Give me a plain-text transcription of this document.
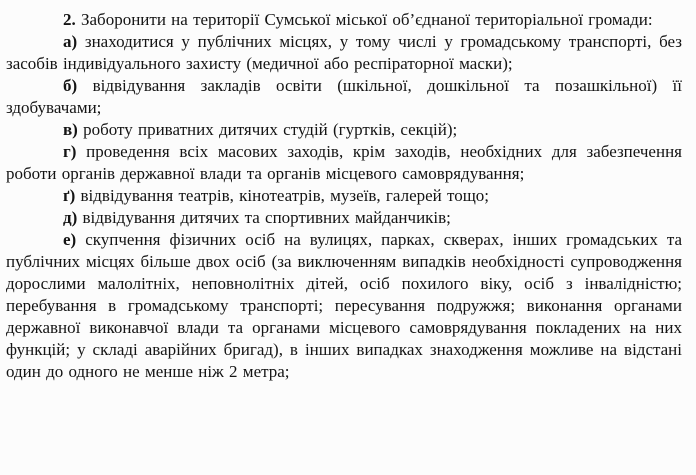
2. Заборонити на території Сумської міської об’єднаної територіальної громади:

а) знаходитися у публічних місцях, у тому числі у громадському транспорті, без засобів індивідуального захисту (медичної або респіраторної маски);

б) відвідування закладів освіти (шкільної, дошкільної та позашкільної) її здобувачами;

в) роботу приватних дитячих студій (гуртків, секцій);

г) проведення всіх масових заходів, крім заходів, необхідних для забезпечення роботи органів державної влади та органів місцевого самоврядування;

ґ) відвідування театрів, кінотеатрів, музеїв, галерей тощо;

д) відвідування дитячих та спортивних майданчиків;

е) скупчення фізичних осіб на вулицях, парках, скверах, інших громадських та публічних місцях більше двох осіб (за виключенням випадків необхідності супроводження дорослими малолітніх, неповнолітніх дітей, осіб похилого віку, осіб з інвалідністю; перебування в громадському транспорті; пересування подружжя; виконання органами державної виконавчої влади та органами місцевого самоврядування покладених на них функцій; у складі аварійних бригад), в інших випадках знаходження можливе на відстані один до одного не менше ніж 2 метра;
